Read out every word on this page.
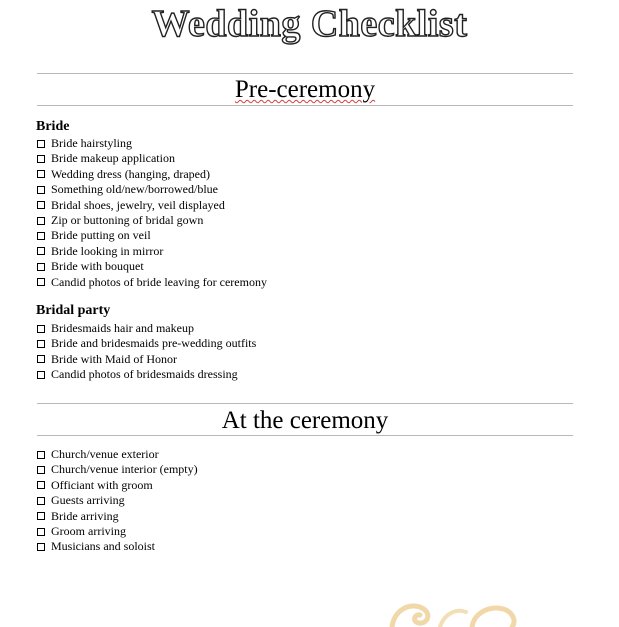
Wedding Checklist
Pre-ceremony
Bride
Bride hairstyling
Bride makeup application
Wedding dress (hanging, draped)
Something old/new/borrowed/blue
Bridal shoes, jewelry, veil displayed
Zip or buttoning of bridal gown
Bride putting on veil
Bride looking in mirror
Bride with bouquet
Candid photos of bride leaving for ceremony
Bridal party
Bridesmaids hair and makeup
Bride and bridesmaids pre-wedding outfits
Bride with Maid of Honor
Candid photos of bridesmaids dressing
At the ceremony
Church/venue exterior
Church/venue interior (empty)
Officiant with groom
Guests arriving
Bride arriving
Groom arriving
Musicians and soloist
